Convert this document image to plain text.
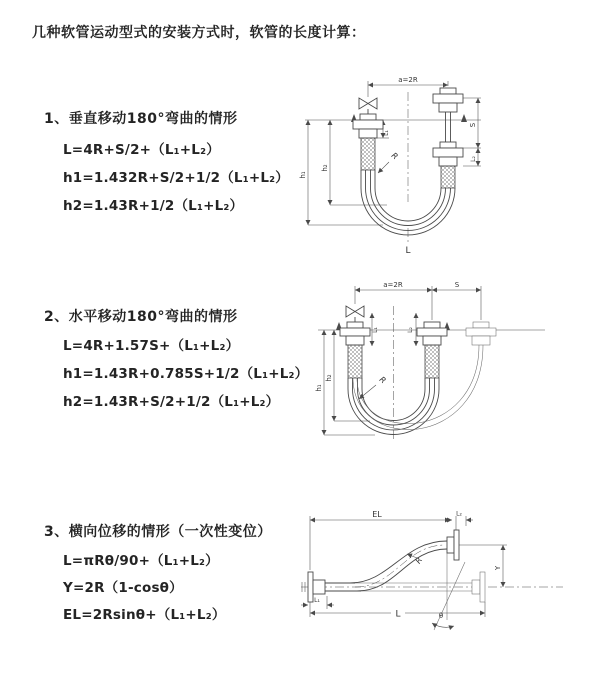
几种软管运动型式的安装方式时，软管的长度计算：
1、垂直移动180°弯曲的情形
L=4R+S/2+（L₁+L₂）
h1=1.432R+S/2+1/2（L₁+L₂）
h2=1.43R+1/2（L₁+L₂）
2、水平移动180°弯曲的情形
L=4R+1.57S+（L₁+L₂）
h1=1.43R+0.785S+1/2（L₁+L₂）
h2=1.43R+S/2+1/2（L₁+L₂）
3、横向位移的情形（一次性变位）
L=πRθ/90+（L₁+L₂）
Y=2R（1-cosθ）
EL=2Rsinθ+（L₁+L₂）
a=2R
L₁
S
L₂
h₁
h₂
R
L
a=2R	S
L₁	L₂
h₁
h₂	R
EL	L₂
Y
R
θ
L₁
L
